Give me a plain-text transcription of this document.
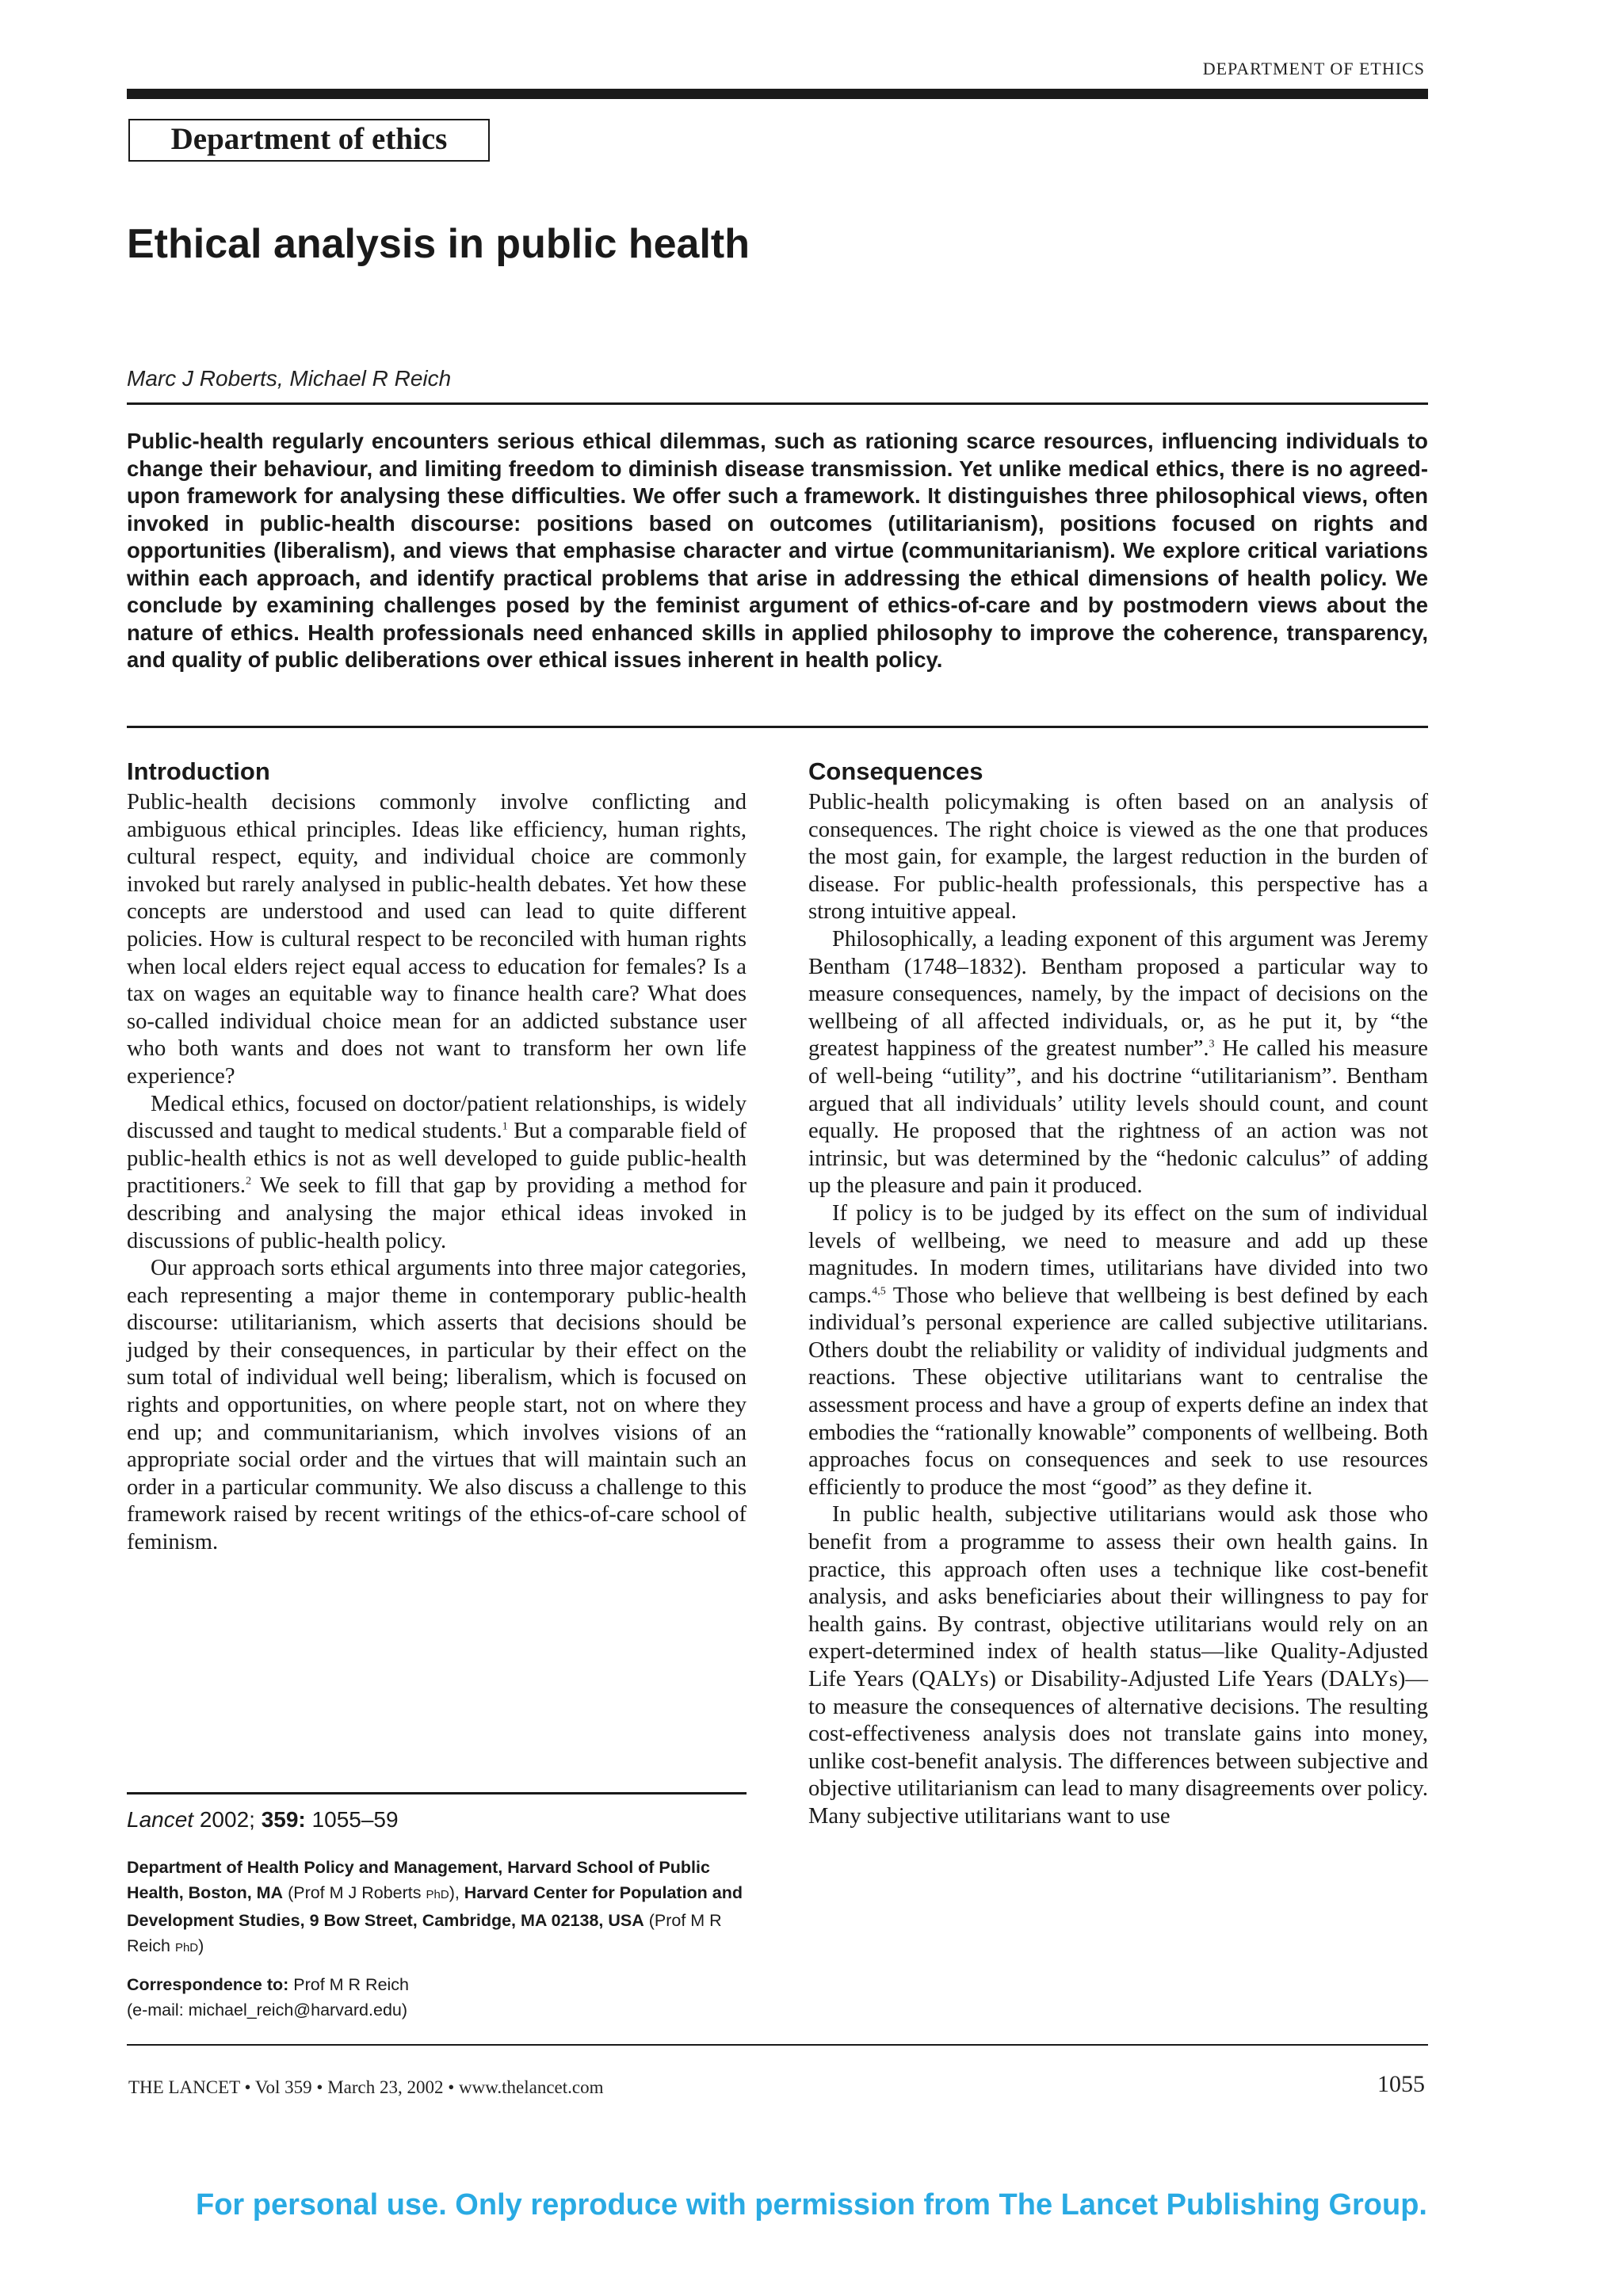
DEPARTMENT OF ETHICS
Department of ethics
Ethical analysis in public health
Marc J Roberts, Michael R Reich

Public-health regularly encounters serious ethical dilemmas, such as rationing scarce resources, influencing individuals to change their behaviour, and limiting freedom to diminish disease transmission. Yet unlike medical ethics, there is no agreed-upon framework for analysing these difficulties. We offer such a framework. It distinguishes three philosophical views, often invoked in public-health discourse: positions based on outcomes (utilitarianism), positions focused on rights and opportunities (liberalism), and views that emphasise character and virtue (communitarianism). We explore critical variations within each approach, and identify practical problems that arise in addressing the ethical dimensions of health policy. We conclude by examining challenges posed by the feminist argument of ethics-of-care and by postmodern views about the nature of ethics. Health professionals need enhanced skills in applied philosophy to improve the coherence, transparency, and quality of public deliberations over ethical issues inherent in health policy.

Introduction

Public-health decisions commonly involve conflicting and ambiguous ethical principles. Ideas like efficiency, human rights, cultural respect, equity, and individual choice are commonly invoked but rarely analysed in public-health debates. Yet how these concepts are understood and used can lead to quite different policies. How is cultural respect to be reconciled with human rights when local elders reject equal access to education for females? Is a tax on wages an equitable way to finance health care? What does so-called individual choice mean for an addicted substance user who both wants and does not want to transform her own life experience?

Medical ethics, focused on doctor/patient relationships, is widely discussed and taught to medical students.$^1$ But a comparable field of public-health ethics is not as well developed to guide public-health practitioners.$^2$ We seek to fill that gap by providing a method for describing and analysing the major ethical ideas invoked in discussions of public-health policy.

Our approach sorts ethical arguments into three major categories, each representing a major theme in contemporary public-health discourse: utilitarianism, which asserts that decisions should be judged by their consequences, in particular by their effect on the sum total of individual well being; liberalism, which is focused on rights and opportunities, on where people start, not on where they end up; and communitarianism, which involves visions of an appropriate social order and the virtues that will maintain such an order in a particular community. We also discuss a challenge to this framework raised by recent writings of the ethics-of-care school of feminism.

Consequences

Public-health policymaking is often based on an analysis of consequences. The right choice is viewed as the one that produces the most gain, for example, the largest reduction in the burden of disease. For public-health professionals, this perspective has a strong intuitive appeal.

Philosophically, a leading exponent of this argument was Jeremy Bentham (1748–1832). Bentham proposed a particular way to measure consequences, namely, by the impact of decisions on the wellbeing of all affected individuals, or, as he put it, by “the greatest happiness of the greatest number”.$^3$ He called his measure of well-being “utility”, and his doctrine “utilitarianism”. Bentham argued that all individuals’ utility levels should count, and count equally. He proposed that the rightness of an action was not intrinsic, but was determined by the “hedonic calculus” of adding up the pleasure and pain it produced.

If policy is to be judged by its effect on the sum of individual levels of wellbeing, we need to measure and add up these magnitudes. In modern times, utilitarians have divided into two camps.$^{4,5}$ Those who believe that wellbeing is best defined by each individual’s personal experience are called subjective utilitarians. Others doubt the reliability or validity of individual judgments and reactions. These objective utilitarians want to centralise the assessment process and have a group of experts define an index that embodies the “rationally knowable” components of wellbeing. Both approaches focus on consequences and seek to use resources efficiently to produce the most “good” as they define it.

In public health, subjective utilitarians would ask those who benefit from a programme to assess their own health gains. In practice, this approach often uses a technique like cost-benefit analysis, and asks beneficiaries about their willingness to pay for health gains. By contrast, objective utilitarians would rely on an expert-determined index of health status—like Quality-Adjusted Life Years (QALYs) or Disability-Adjusted Life Years (DALYs)—to measure the consequences of alternative decisions. The resulting cost-effectiveness analysis does not translate gains into money, unlike cost-benefit analysis. The differences between subjective and objective utilitarianism can lead to many disagreements over policy. Many subjective utilitarians want to use

Lancet 2002; 359: 1055–59
Department of Health Policy and Management, Harvard School of Public Health, Boston, MA (Prof M J Roberts PhD), Harvard Center for Population and Development Studies, 9 Bow Street, Cambridge, MA 02138, USA (Prof M R Reich PhD)
Correspondence to: Prof M R Reich
(e-mail: michael_reich@harvard.edu)
THE LANCET • Vol 359 • March 23, 2002 • www.thelancet.com	1055
For personal use. Only reproduce with permission from The Lancet Publishing Group.
